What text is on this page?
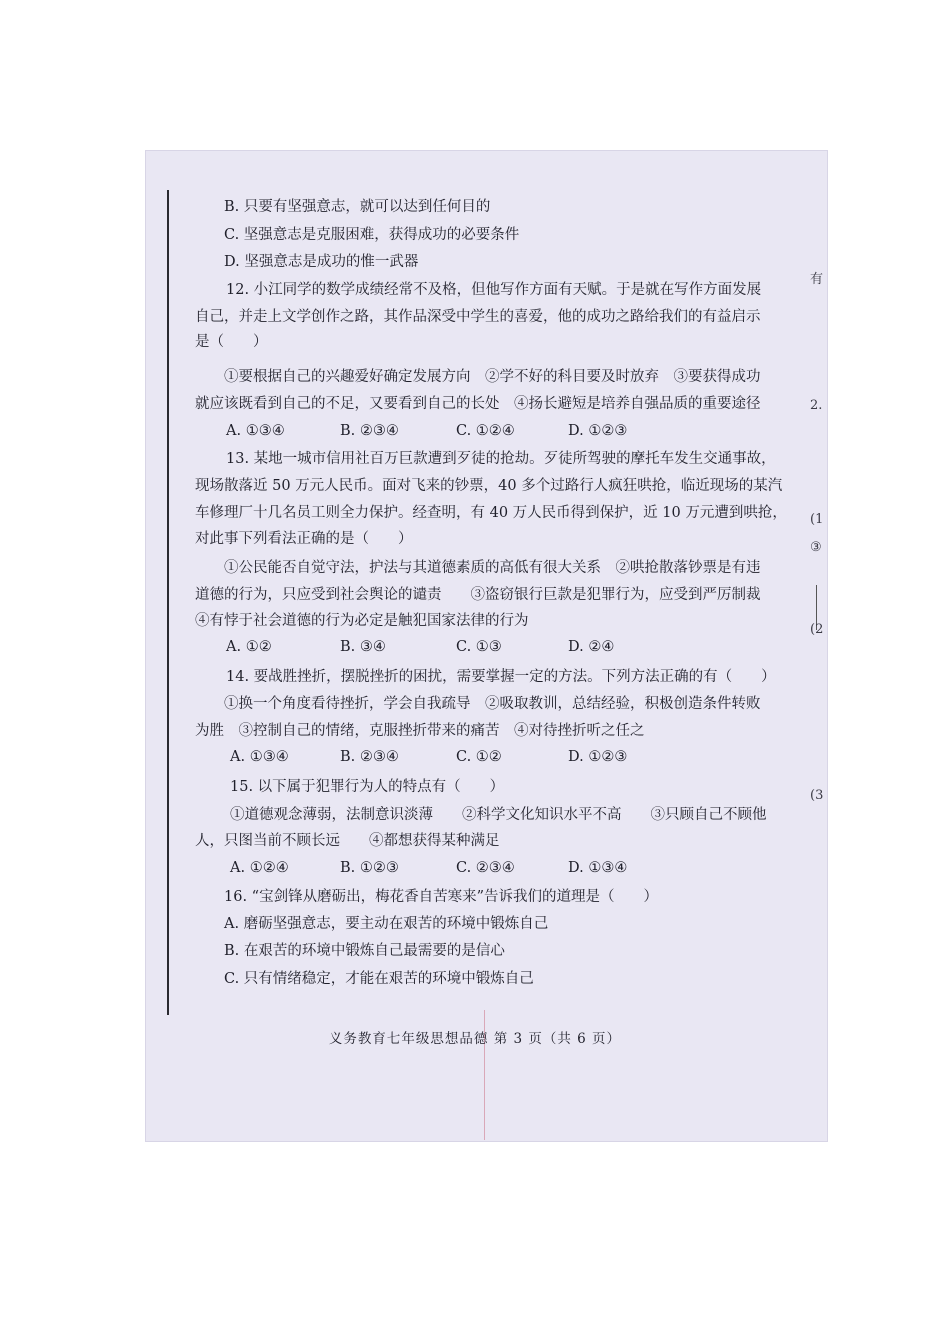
有
2.
(1
③
(2
(3
B. 只要有坚强意志，就可以达到任何目的
C. 坚强意志是克服困难，获得成功的必要条件
D. 坚强意志是成功的惟一武器
12. 小江同学的数学成绩经常不及格，但他写作方面有天赋。于是就在写作方面发展
自己，并走上文学创作之路，其作品深受中学生的喜爱，他的成功之路给我们的有益启示
是（　　）
①要根据自己的兴趣爱好确定发展方向　②学不好的科目要及时放弃　③要获得成功
就应该既看到自己的不足，又要看到自己的长处　④扬长避短是培养自强品质的重要途径
A. ①③④	B. ②③④	C. ①②④	D. ①②③
13. 某地一城市信用社百万巨款遭到歹徒的抢劫。歹徒所驾驶的摩托车发生交通事故，
现场散落近 50 万元人民币。面对飞来的钞票，40 多个过路行人疯狂哄抢，临近现场的某汽
车修理厂十几名员工则全力保护。经查明，有 40 万人民币得到保护，近 10 万元遭到哄抢，
对此事下列看法正确的是（　　）
①公民能否自觉守法，护法与其道德素质的高低有很大关系　②哄抢散落钞票是有违
道德的行为，只应受到社会舆论的谴责　　③盗窃银行巨款是犯罪行为，应受到严厉制裁
④有悖于社会道德的行为必定是触犯国家法律的行为
A. ①②	B. ③④	C. ①③	D. ②④
14. 要战胜挫折，摆脱挫折的困扰，需要掌握一定的方法。下列方法正确的有（　　）
①换一个角度看待挫折，学会自我疏导　②吸取教训，总结经验，积极创造条件转败
为胜　③控制自己的情绪，克服挫折带来的痛苦　④对待挫折听之任之
A. ①③④	B. ②③④	C. ①②	D. ①②③
15. 以下属于犯罪行为人的特点有（　　）
①道德观念薄弱，法制意识淡薄　　②科学文化知识水平不高　　③只顾自己不顾他
人，只图当前不顾长远　　④都想获得某种满足
A. ①②④	B. ①②③	C. ②③④	D. ①③④
16. “宝剑锋从磨砺出，梅花香自苦寒来”告诉我们的道理是（　　）
A. 磨砺坚强意志，要主动在艰苦的环境中锻炼自己
B. 在艰苦的环境中锻炼自己最需要的是信心
C. 只有情绪稳定，才能在艰苦的环境中锻炼自己
义务教育七年级思想品德 第 3 页（共 6 页）
